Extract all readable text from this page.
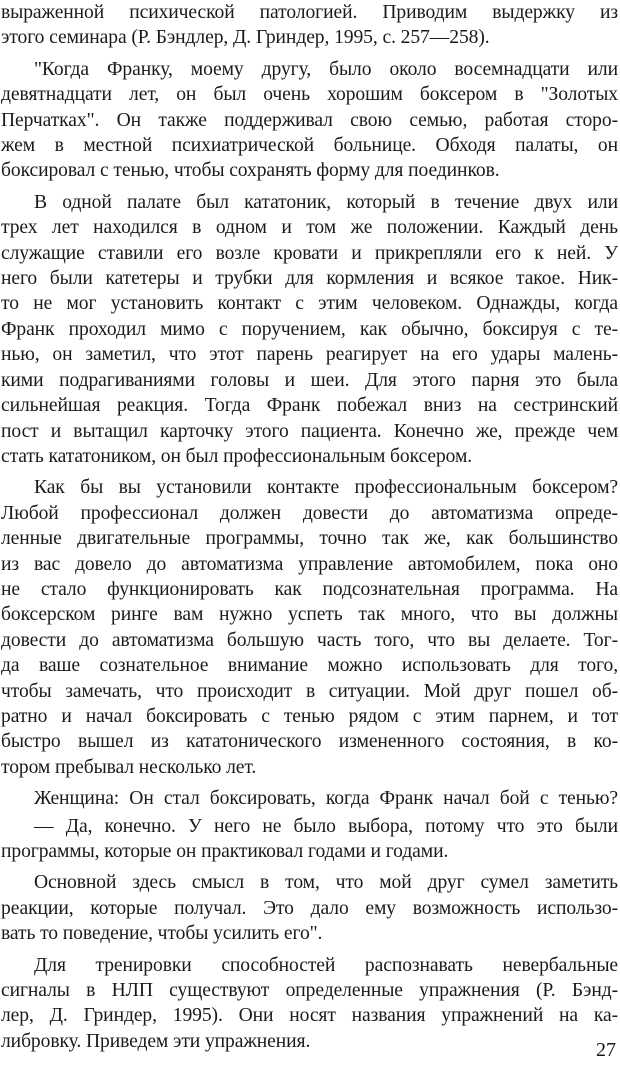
выраженной психической патологией. Приводим выдержку из

этого семинара (Р. Бэндлер, Д. Гриндер, 1995, с. 257—258).

"Когда Франку, моему другу, было около восемнадцати или

девятнадцати лет, он был очень хорошим боксером в "Золотых

Перчатках". Он также поддерживал свою семью, работая сторо-

жем в местной психиатрической больнице. Обходя палаты, он

боксировал с тенью, чтобы сохранять форму для поединков.

В одной палате был кататоник, который в течение двух или

трех лет находился в одном и том же положении. Каждый день

служащие ставили его возле кровати и прикрепляли его к ней. У

него были катетеры и трубки для кормления и всякое такое. Ник-

то не мог установить контакт с этим человеком. Однажды, когда

Франк проходил мимо с поручением, как обычно, боксируя с те-

нью, он заметил, что этот парень реагирует на его удары малень-

кими подрагиваниями головы и шеи. Для этого парня это была

сильнейшая реакция. Тогда Франк побежал вниз на сестринский

пост и вытащил карточку этого пациента. Конечно же, прежде чем

стать кататоником, он был профессиональным боксером.

Как бы вы установили контакте профессиональным боксером?

Любой профессионал должен довести до автоматизма опреде-

ленные двигательные программы, точно так же, как большинство

из вас довело до автоматизма управление автомобилем, пока оно

не стало функционировать как подсознательная программа. На

боксерском ринге вам нужно успеть так много, что вы должны

довести до автоматизма большую часть того, что вы делаете. Тог-

да ваше сознательное внимание можно использовать для того,

чтобы замечать, что происходит в ситуации. Мой друг пошел об-

ратно и начал боксировать с тенью рядом с этим парнем, и тот

быстро вышел из кататонического измененного состояния, в ко-

тором пребывал несколько лет.

Женщина: Он стал боксировать, когда Франк начал бой с тенью?

— Да, конечно. У него не было выбора, потому что это были

программы, которые он практиковал годами и годами.

Основной здесь смысл в том, что мой друг сумел заметить

реакции, которые получал. Это дало ему возможность использо-

вать то поведение, чтобы усилить его".

Для тренировки способностей распознавать невербальные

сигналы в НЛП существуют определенные упражнения (Р. Бэнд-

лер, Д. Гриндер, 1995). Они носят названия упражнений на ка-

либровку. Приведем эти упражнения.	27
